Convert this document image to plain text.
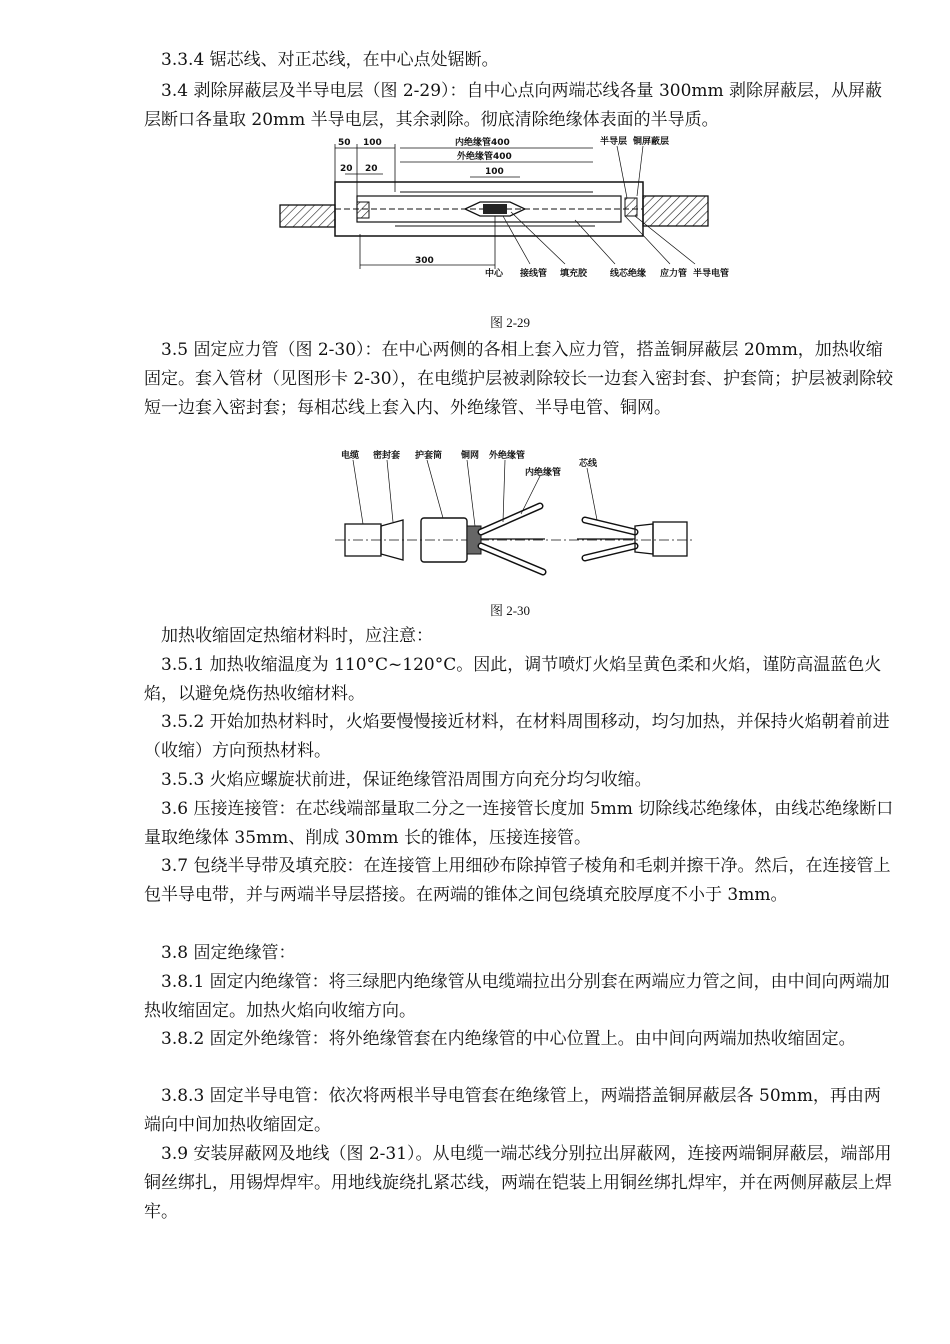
　3.3.4 锯芯线、对正芯线，在中心点处锯断。

　3.4 剥除屏蔽层及半导电层（图 2-29）：自中心点向两端芯线各量 300mm 剥除屏蔽层，从屏蔽层断口各量取 20mm 半导电层，其余剥除。彻底清除绝缘体表面的半导质。

50 100
20 20
内绝缘管400
外绝缘管400
100
300
半导层 铜屏蔽层
中心 接线管 填充胶	线芯绝缘 应力管 半导电管
图 2-29

　3.5 固定应力管（图 2-30）：在中心两侧的各相上套入应力管，搭盖铜屏蔽层 20mm，加热收缩固定。套入管材（见图形卡 2-30），在电缆护层被剥除较长一边套入密封套、护套筒；护层被剥除较短一边套入密封套；每相芯线上套入内、外绝缘管、半导电管、铜网。

电缆 密封套 护套筒 铜网 外绝缘管
内绝缘管
芯线
图 2-30

　加热收缩固定热缩材料时，应注意：

　3.5.1 加热收缩温度为 110°C~120°C。因此，调节喷灯火焰呈黄色柔和火焰，谨防高温蓝色火焰，以避免烧伤热收缩材料。

　3.5.2 开始加热材料时，火焰要慢慢接近材料，在材料周围移动，均匀加热，并保持火焰朝着前进（收缩）方向预热材料。

　3.5.3 火焰应螺旋状前进，保证绝缘管沿周围方向充分均匀收缩。

　3.6 压接连接管：在芯线端部量取二分之一连接管长度加 5mm 切除线芯绝缘体，由线芯绝缘断口量取绝缘体 35mm、削成 30mm 长的锥体，压接连接管。

　3.7 包绕半导带及填充胶：在连接管上用细砂布除掉管子棱角和毛刺并擦干净。然后，在连接管上包半导电带，并与两端半导层搭接。在两端的锥体之间包绕填充胶厚度不小于 3mm。

　3.8 固定绝缘管：

　3.8.1 固定内绝缘管：将三绿肥内绝缘管从电缆端拉出分别套在两端应力管之间，由中间向两端加热收缩固定。加热火焰向收缩方向。

　3.8.2 固定外绝缘管：将外绝缘管套在内绝缘管的中心位置上。由中间向两端加热收缩固定。

　3.8.3 固定半导电管：依次将两根半导电管套在绝缘管上，两端搭盖铜屏蔽层各 50mm，再由两端向中间加热收缩固定。

　3.9 安装屏蔽网及地线（图 2-31）。从电缆一端芯线分别拉出屏蔽网，连接两端铜屏蔽层，端部用铜丝绑扎，用锡焊焊牢。用地线旋绕扎紧芯线，两端在铠装上用铜丝绑扎焊牢，并在两侧屏蔽层上焊牢。
